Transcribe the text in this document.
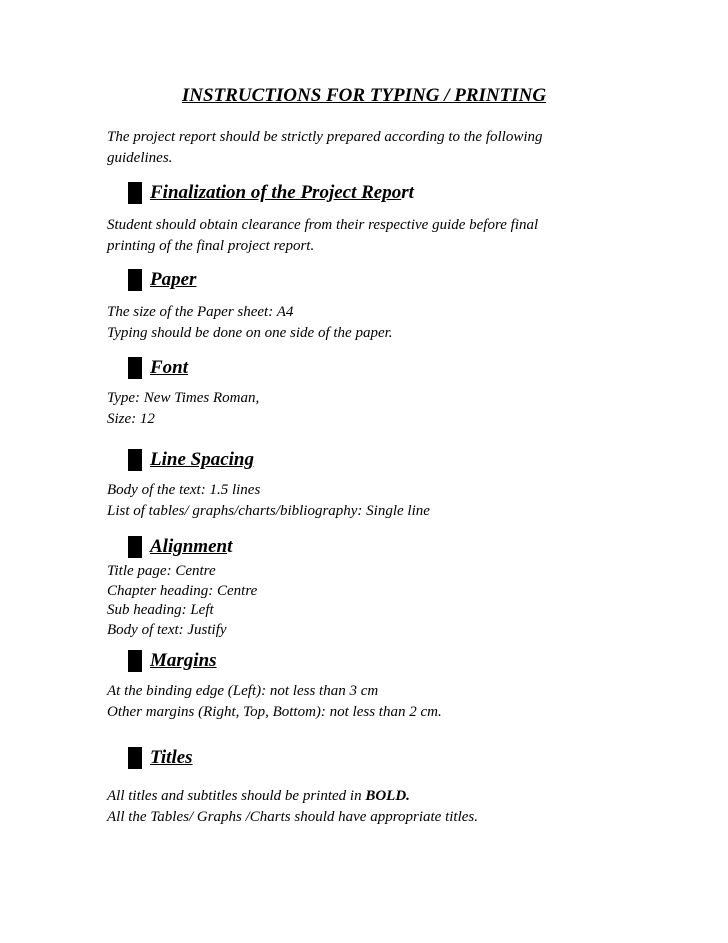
INSTRUCTIONS FOR TYPING / PRINTING
The project report should be strictly prepared according to the following guidelines.
Finalization of the Project Repo rt
Student should obtain clearance from their respective guide before final
printing of the final project report.
Paper
The size of the Paper sheet: A4
Typing should be done on one side of the paper.
Font
Type: New Times Roman,
Size: 12
Line Spacing
Body of the text: 1.5 lines
List of tables/ graphs/charts/bibliography: Single line
Alignmen t
Title page: Centre
Chapter heading: Centre
Sub heading: Left
Body of text: Justify
Margins
At the binding edge (Left): not less than 3 cm
Other margins (Right, Top, Bottom): not less than 2 cm.
Titles
All titles and subtitles should be printed in BOLD.
All the Tables/ Graphs /Charts should have appropriate titles.
